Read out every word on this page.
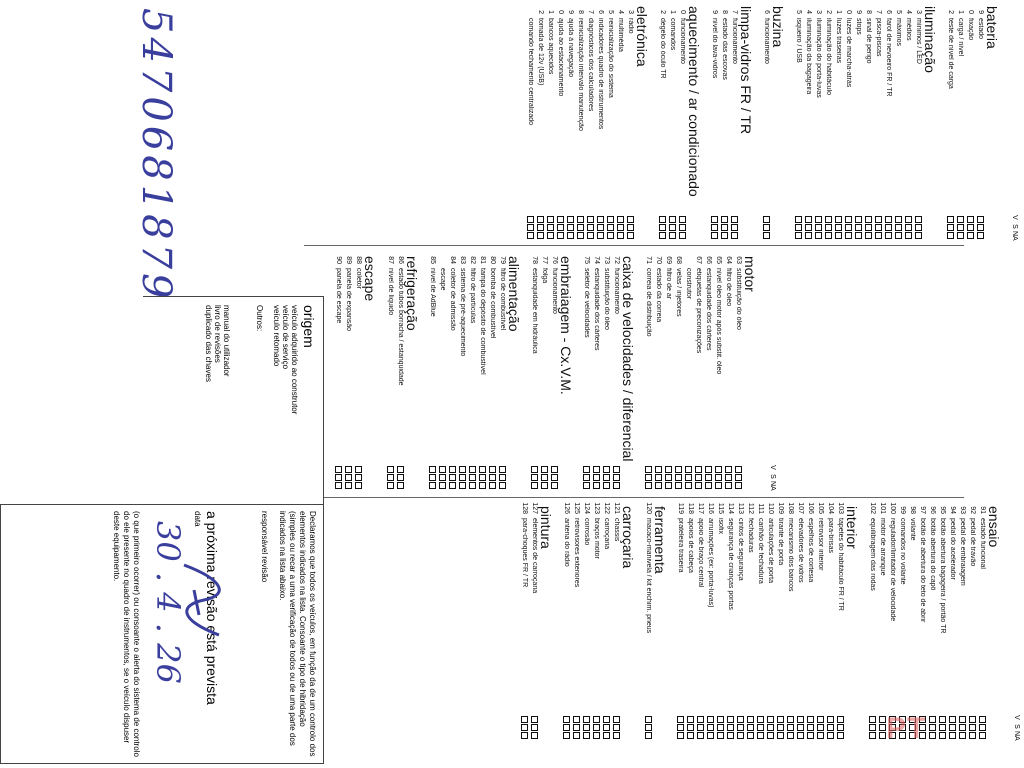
5470681879	V
S
NA
bateria
9
estado
0
fixação
1
carga / nível
2
teste de nível de carga
iluminação
3
mínimos / LED
4
médios
5
máximos
6
farol de nevoeiro FR / TR
7
pisca-piscas
8
sinal de perigo
9
stops
0
luzes de marcha-atrás
1
luzes traseiras
2
iluminação do habitáculo
3
iluminação do porta-luvas
4
iluminação da bagageira
5
isqueiro / USB
buzina
6
funcionamento
limpa-vidros FR / TR
7
funcionamento
8
estado das escovas
9
nível do lava-vidros
aquecimento / ar condicionado
0
funcionamento
1
comandos
2
degelo do óculo TR
eletrónica
3
rádio
4
multimédia
5
reinicialização do sistema
6
indicadores quadro de instrumentos
7
diagnósticos dos calculadores
8
reinicialização intervalo manutenção
9
ajuda à navegação
0
ajuda ao estacionamento
1
bancos aquecidos
2
tomada de 12v (USB)
comando fechamento centralizado
V
S
NA
motor
63
substituição do óleo
64
filtro de óleo
65
nível óleo motor após substit. óleo
66
estanquidade dos cárteres
67
etiquetas de preconizações
construtor
68
velas / injetores
69
filtro de ar
70
estado da correia
71
correia de distribuição
caixa de velocidades / diferencial
72
funcionamento
73
substituição do óleo
74
estanquidade dos cárteres
75
seletor de velocidades
embraiagem - Cx.V.M.
76
funcionamento
77
folga
78
estanquidade em hidráulica
alimentação
79
filtro de combustível
80
bomba de combustível
81
tampa do depósito de combustível
82
filtro de partículas
83
sistema de pré-aquecimento
84
coletor de admissão
escape
85
nível de AdBlue
refrigeração
86
estado tubos borracha / estanquidade
87
nível de líquido
escape
88
coletor
89
panela de expansão
90
panela de escape
V
S
NA
ensaio
91
estado funcional
92
pedal de travão
93
pedal de embraiagem
94
pedal do acelerador
95
botão abertura bagageira / portão TR
96
botão abertura do capô
97
botão de abertura do teto de abrir
98
volante
99
comandos no volante
100
regulador/limitador de velocidade
101
motor de arranque
102
equilibragem das rodas
interior
103
tapetes do habitáculo FR / TR
104
para-brisas
105
retrovisor interior
106
espelhos de cortesia
107
elevadores de vidros
108
mecanismo dos bancos
109
tirante de porta
110
articulações de porta
111
canhão de fechadura
112
fechaduras
113
cintos de segurança
114
segurança de crianças portas
115
isofix
116
arrumações (ex: porta-luvas)
117
apoio de braço central
118
apoios de cabeça
119
prateleira traseira
ferramenta
120
macaco-manivela / kit enchim. pneus
carroçaria
121
chassis
122
carroçaria
123
braços motor
124
corrosão
125
retrovisores exteriores
126
antena do rádio
pintura
127
elementos de carroçaria
128
para-choques FR / TR
origem
veículo adquirido ao construtor
veículo de serviço
veículo retomado
Outros:
manual do utilizador
livro de revisões
duplicado das chaves
Declaramos que todos os veículos, em função da de um controlo dos elementos indicados na lista. Consoante o tipo de hibridação (simples ou recar a uma verificação de todos ou de uma parte dos indicados na lista abaixo.
responsável revisão
a próxima revisão está prevista
data
30 . 4 . 26
(o que primeiro ocorrer) ou consoante o alerta do sistema de controlo do ele presente no quadro de instrumentos, se o veículo dispuser deste equipamento.
PT
